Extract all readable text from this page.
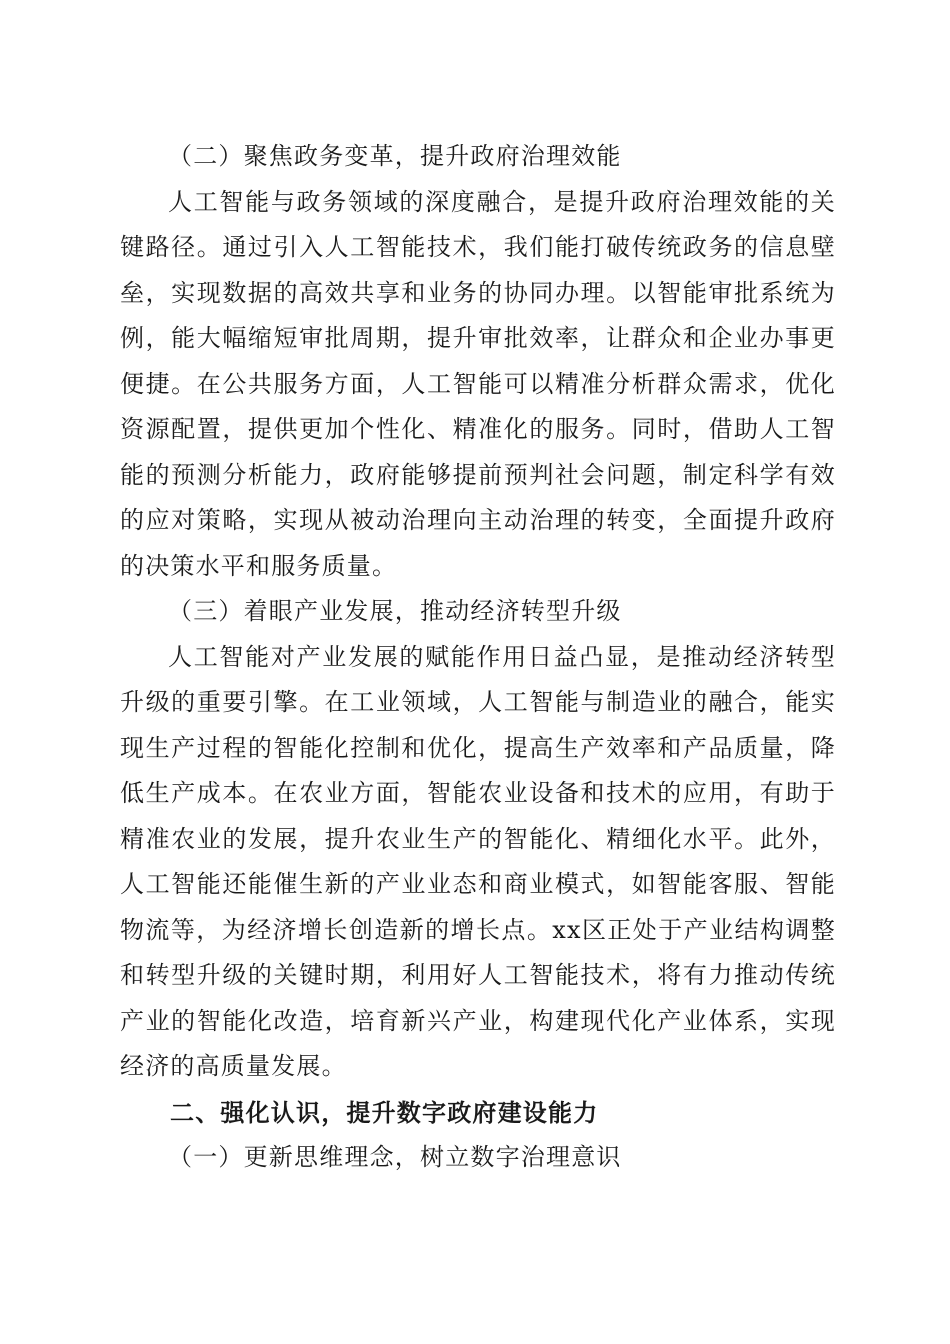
（二）聚焦政务变革，提升政府治理效能

人工智能与政务领域的深度融合，是提升政府治理效能的关键路径。通过引入人工智能技术，我们能打破传统政务的信息壁垒，实现数据的高效共享和业务的协同办理。以智能审批系统为例，能大幅缩短审批周期，提升审批效率，让群众和企业办事更便捷。在公共服务方面，人工智能可以精准分析群众需求，优化资源配置，提供更加个性化、精准化的服务。同时，借助人工智能的预测分析能力，政府能够提前预判社会问题，制定科学有效的应对策略，实现从被动治理向主动治理的转变，全面提升政府的决策水平和服务质量。

（三）着眼产业发展，推动经济转型升级

人工智能对产业发展的赋能作用日益凸显，是推动经济转型升级的重要引擎。在工业领域，人工智能与制造业的融合，能实现生产过程的智能化控制和优化，提高生产效率和产品质量，降低生产成本。在农业方面，智能农业设备和技术的应用，有助于精准农业的发展，提升农业生产的智能化、精细化水平。此外，人工智能还能催生新的产业业态和商业模式，如智能客服、智能物流等，为经济增长创造新的增长点。xx区正处于产业结构调整和转型升级的关键时期，利用好人工智能技术，将有力推动传统产业的智能化改造，培育新兴产业，构建现代化产业体系，实现经济的高质量发展。

二、强化认识，提升数字政府建设能力
（一）更新思维理念，树立数字治理意识
